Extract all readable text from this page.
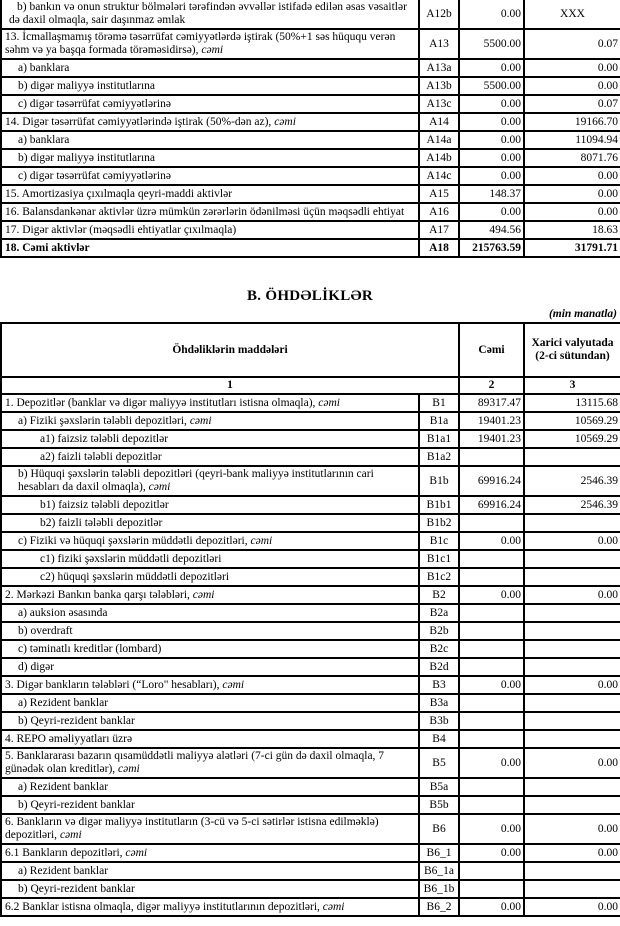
b) bankın və onun struktur bölmələri tərəfindən əvvəllər istifadə edilən əsas vəsaitlər də daxil olmaqla, sair daşınmaz əmlak	A12b	0.00	XXX
13. İcmallaşmamış törəmə təsərrüfat cəmiyyətlərdə iştirak (50%+1 səs hüququ verən səhm və ya başqa formada törəməsidirsə), cəmi	A13	5500.00	0.07
a) banklara	A13a	0.00	0.00
b) digər maliyyə institutlarına	A13b	5500.00	0.00
c) digər təsərrüfat cəmiyyətlərinə	A13c	0.00	0.07
14. Digər təsərrüfat cəmiyyətlərində iştirak (50%-dən az), cəmi	A14	0.00	19166.70
a) banklara	A14a	0.00	11094.94
b) digər maliyyə institutlarına	A14b	0.00	8071.76
c) digər təsərrüfat cəmiyyətlərinə	A14c	0.00	0.00
15. Amortizasiya çıxılmaqla qeyri-maddi aktivlər	A15	148.37	0.00
16. Balansdankənar aktivlər üzrə mümkün zərərlərin ödənilməsi üçün məqsədli ehtiyat	A16	0.00	0.00
17. Digər aktivlər (məqsədli ehtiyatlar çıxılmaqla)	A17	494.56	18.63
18. Cəmi aktivlər	A18	215763.59	31791.71
B. ÖHDƏLİKLƏR
(min manatla)
Öhdəliklərin maddələri		Cəmi	Xarici valyutada (2-ci sütundan)
1		2	3
1. Depozitlər (banklar və digər maliyyə institutları istisna olmaqla), cəmi	B1	89317.47	13115.68
a) Fiziki şəxslərin tələbli depozitləri, cəmi	B1a	19401.23	10569.29
a1) faizsiz tələbli depozitlər	B1a1	19401.23	10569.29
a2) faizli tələbli depozitlər	B1a2		
b) Hüquqi şəxslərin tələbli depozitləri (qeyri-bank maliyyə institutlarının cari hesabları da daxil olmaqla), cəmi	B1b	69916.24	2546.39
b1) faizsiz tələbli depozitlər	B1b1	69916.24	2546.39
b2) faizli tələbli depozitlər	B1b2		
c) Fiziki və hüquqi şəxslərin müddətli depozitləri, cəmi	B1c	0.00	0.00
c1) fiziki şəxslərin müddətli depozitləri	B1c1		
c2) hüquqi şəxslərin müddətli depozitləri	B1c2		
2. Mərkəzi Bankın banka qarşı tələbləri, cəmi	B2	0.00	0.00
a) auksion əsasında	B2a		
b) overdraft	B2b		
c) təminatlı kreditlər (lombard)	B2c		
d) digər	B2d		
3. Digər bankların tələbləri (“Loro" hesabları), cəmi	B3	0.00	0.00
a) Rezident banklar	B3a		
b) Qeyri-rezident banklar	B3b		
4. REPO əməliyyatları üzrə	B4		
5. Banklararası bazarın qısamüddətli maliyyə alətləri (7-ci gün də daxil olmaqla, 7 günədək olan kreditlər), cəmi	B5	0.00	0.00
a) Rezident banklar	B5a		
b) Qeyri-rezident banklar	B5b		
6. Bankların və digər maliyyə institutların (3-cü və 5-ci sətirlər istisna edilməklə) depozitləri, cəmi	B6	0.00	0.00
6.1 Bankların depozitləri, cəmi	B6_1	0.00	0.00
a) Rezident banklar	B6_1a		
b) Qeyri-rezident banklar	B6_1b		
6.2 Banklar istisna olmaqla, digər maliyyə institutlarının depozitləri, cəmi	B6_2	0.00	0.00
